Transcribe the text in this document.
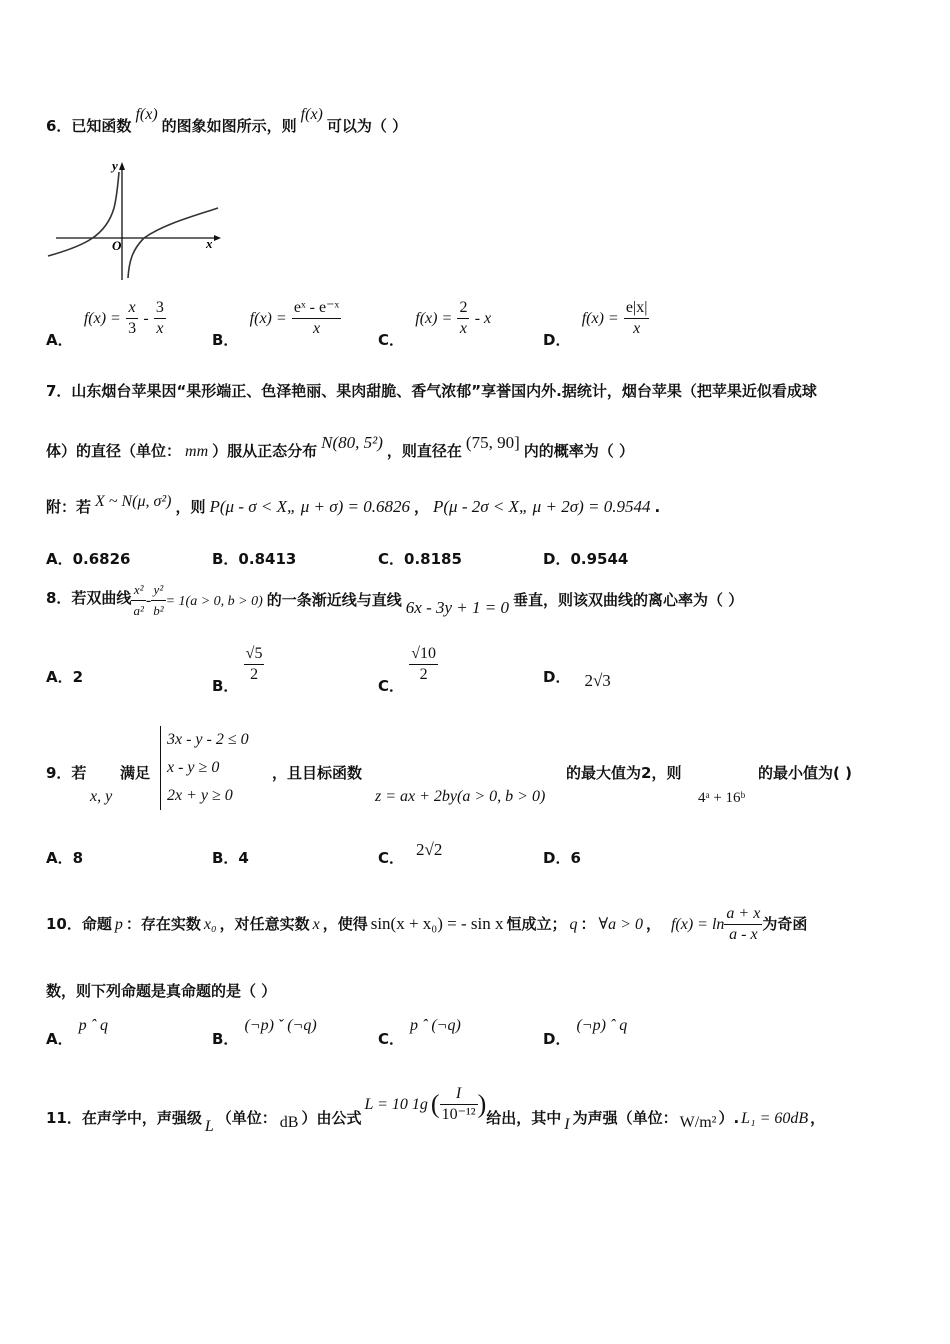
6．已知函数f(x)的图象如图所示，则f(x)可以为（ ）
O	x
y
A． $f(x) = \frac{x}{3} - \frac{3}{x}$
B． $f(x) = \frac{\text{eˣ - e⁻ˣ}}{x}$
C． $f(x) = \frac{2}{x} - x$
D． $f(x) = \frac{e|x|}{x}$
7．山东烟台苹果因“果形端正、色泽艳丽、果肉甜脆、香气浓郁”享誉国内外.据统计，烟台苹果（把苹果近似看成球
体）的直径（单位： mm ）服从正态分布 N(80, 5²) ，则直径在 (75, 90] 内的概率为（ ）
附：若 X ~ N(μ, σ²) ，则 P(μ - σ < X„ μ + σ) = 0.6826 ， P(μ - 2σ < X„ μ + 2σ) = 0.9544 .
A．0.6826	B．0.8413	C．0.8185	D．0.9544
8．若双曲线 $\frac{\text{x²}}{\text{a²}} - \frac{\text{y²}}{\text{b²}} = 1(a > 0$, b > 0) 的一条渐近线与直线 6x - 3y + 1 = 0 垂直，则该双曲线的离心率为（ ）
A．2	B．
$\frac{√5}{2}$
C．
$\frac{√10}{2}$	D． 2√3
9．若
x, y
满足
3x - y - 2 ≤ 0
x - y ≥ 0
2x + y ≥ 0
，且目标函数
z = ax + 2by(a > 0, b > 0)
的最大值为2，则
4ᵃ + 16ᵇ
的最小值为( )
A．8	B．4	C． 2√2	D．6
10．命题 p ：存在实数 x₀ ，对任意实数 x ，使得 sin(x + x₀) = - sin x 恒成立； q ： ∀a > 0 ， $f(x) = \ln \frac{a + x}{a - x}$ 为奇函
数，则下列命题是真命题的是（ ）
A．p ˆ q
B．(¬p) ˇ (¬q)
C．p ˆ (¬q)
D．(¬p) ˆ q
11．在声学中，声强级 L （单位： dB ）由公式L = 10 1g ( $\frac{I}{\text{10⁻¹²}}$ )给出，其中 I 为声强（单位： W/m² ）. L₁ = 60dB ，
